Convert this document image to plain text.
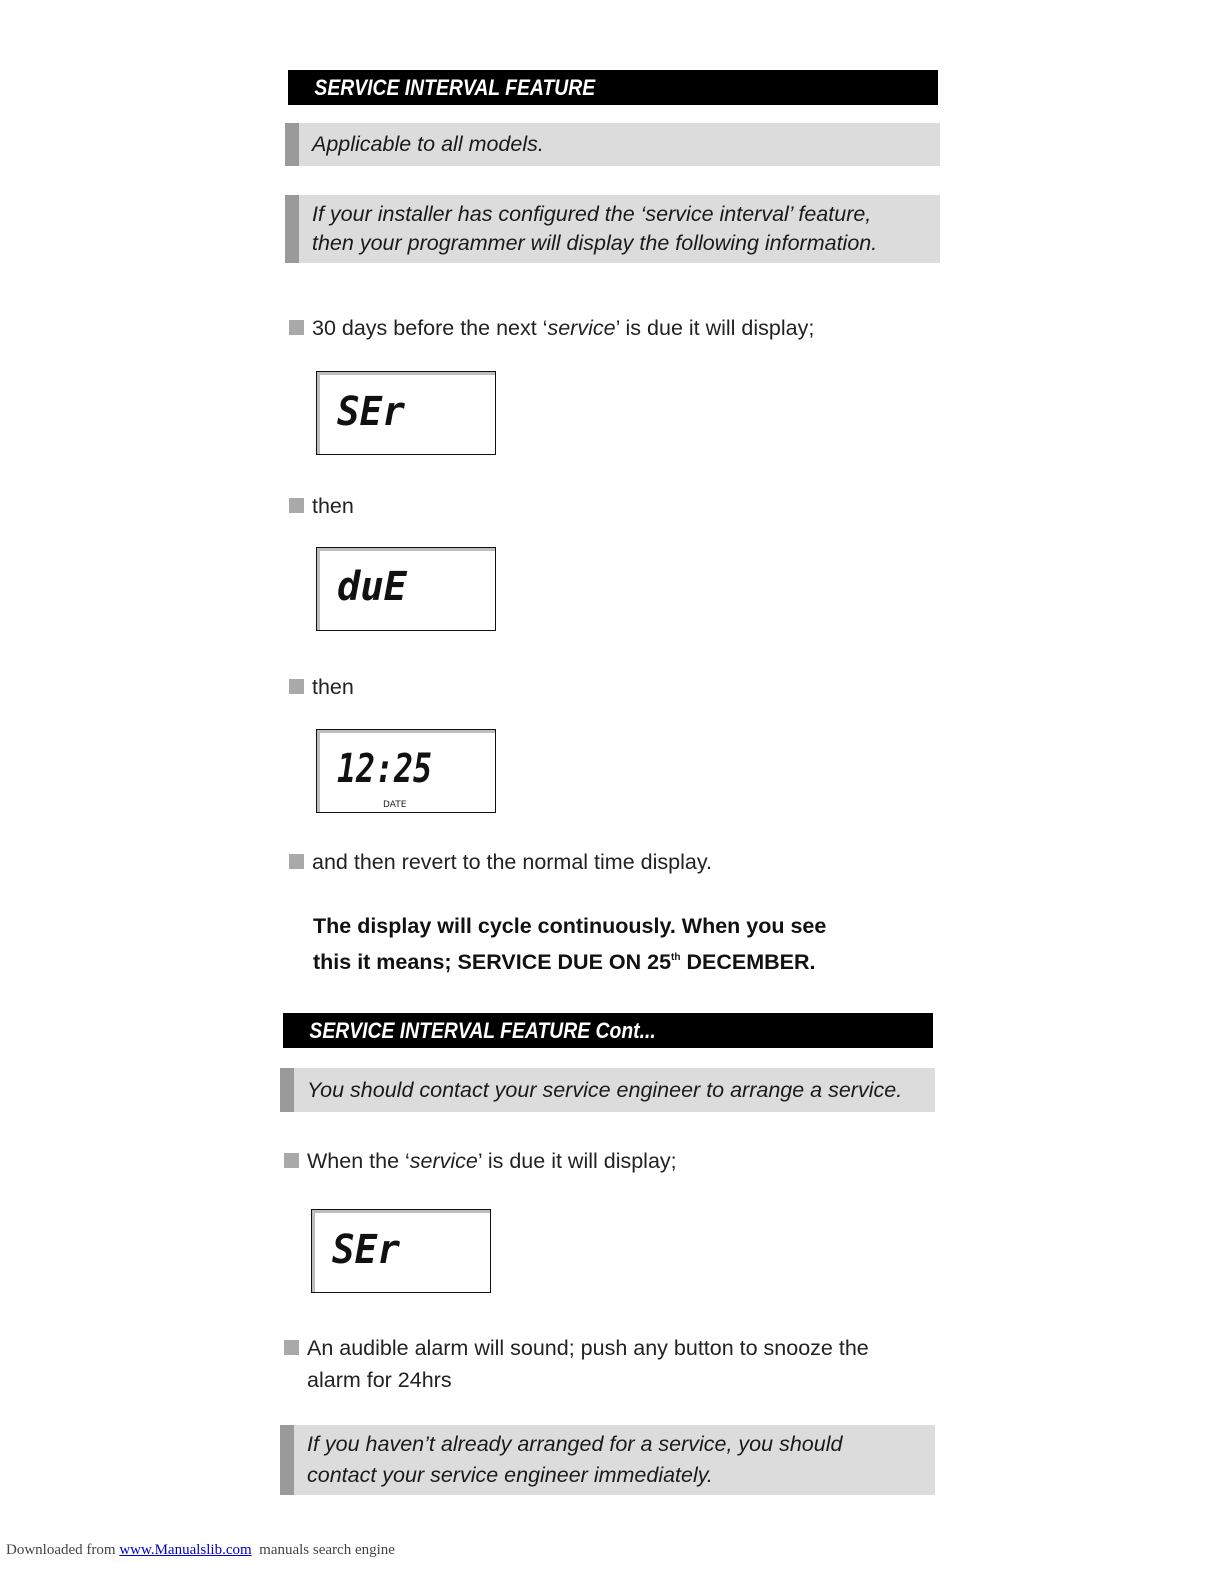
SERVICE INTERVAL FEATURE
Applicable to all models.
If your installer has configured the ‘service interval’ feature,
then your programmer will display the following information.
30 days before the next ‘service’ is due it will display;
SEr
then
duE
then
12:25
DATE
and then revert to the normal time display.
The display will cycle continuously. When you see
this it means; SERVICE DUE ON 25th DECEMBER.
SERVICE INTERVAL FEATURE Cont...
You should contact your service engineer to arrange a service.
When the ‘service’ is due it will display;
SEr
An audible alarm will sound; push any button to snooze the
alarm for 24hrs
If you haven’t already arranged for a service, you should
contact your service engineer immediately.
Downloaded from www.Manualslib.com  manuals search engine
